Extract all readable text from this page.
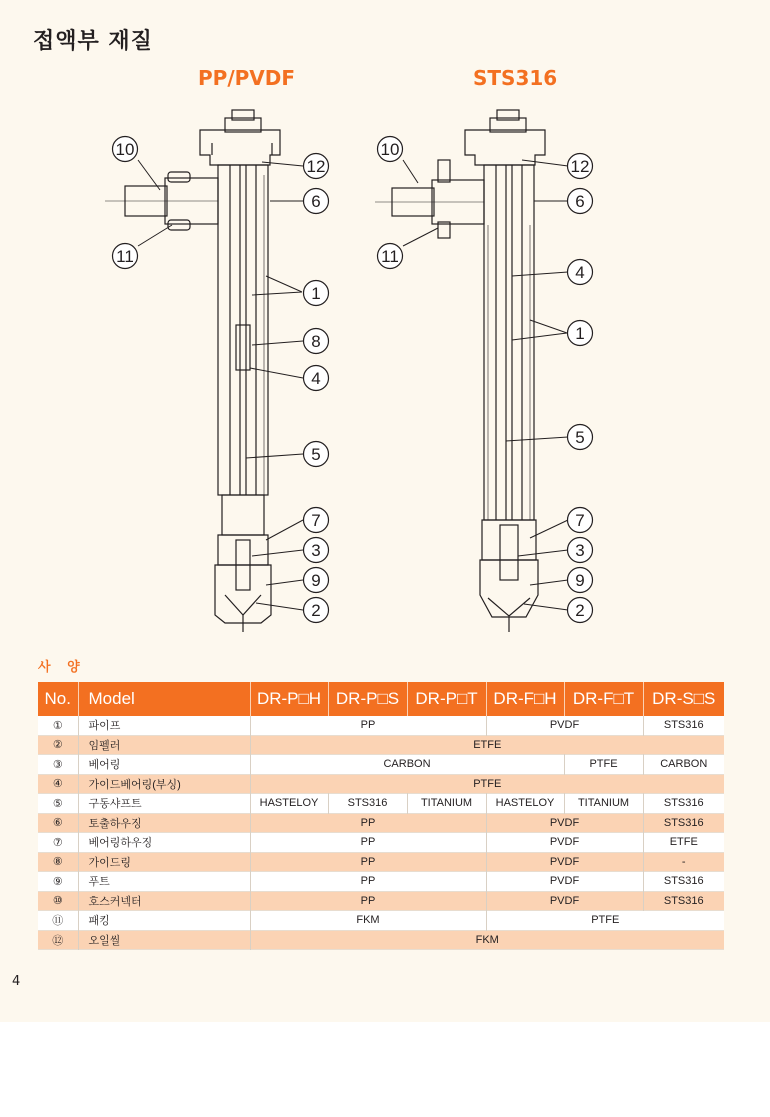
접액부 재질
PP/PVDF	STS316
10
11
12
6
1
8
4
5
7
3
9
2
10
11
12
6
4
1
5
7
3
9
2
사 양
No.	Model	DR-P□H	DR-P□S	DR-P□T	DR-F□H	DR-F□T	DR-S□S
①	파이프	PP			PVDF		STS316
②	임펠러	ETFE					
③	베어링	CARBON				PTFE	CARBON
④	가이드베어링(부싱)	PTFE					
⑤	구동샤프트	HASTELOY	STS316	TITANIUM	HASTELOY	TITANIUM	STS316
⑥	토출하우징	PP			PVDF		STS316
⑦	베어링하우징	PP			PVDF		ETFE
⑧	가이드링	PP			PVDF		-
⑨	푸트	PP			PVDF		STS316
⑩	호스커넥터	PP			PVDF		STS316
⑪	패킹	FKM			PTFE		
⑫	오일씰	FKM					
4
